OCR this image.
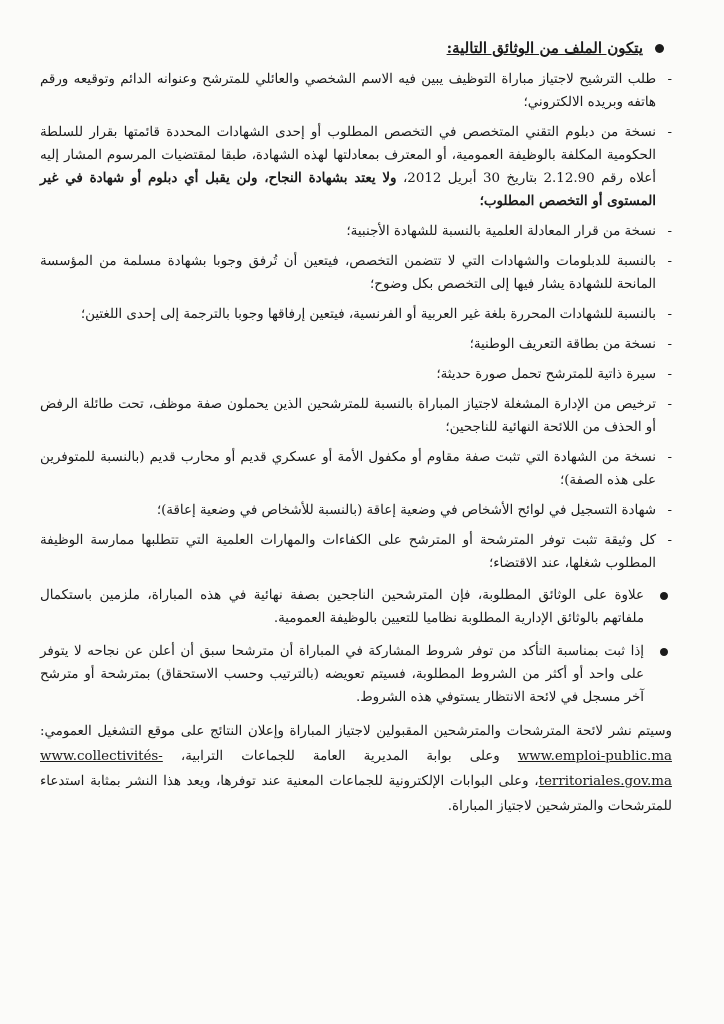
يتكون الملف من الوثائق التالية:
-
طلب الترشيح لاجتياز مباراة التوظيف يبين فيه الاسم الشخصي والعائلي للمترشح وعنوانه الدائم وتوقيعه ورقم هاتفه وبريده الالكتروني؛
-
نسخة من دبلوم التقني المتخصص في التخصص المطلوب أو إحدى الشهادات المحددة قائمتها بقرار للسلطة الحكومية المكلفة بالوظيفة العمومية، أو المعترف بمعادلتها لهذه الشهادة، طبقا لمقتضيات المرسوم المشار إليه أعلاه رقم 2.12.90 بتاريخ 30 أبريل 2012، ولا يعتد بشهادة النجاح، ولن يقبل أي دبلوم أو شهادة في غير المستوى أو التخصص المطلوب؛
-
نسخة من قرار المعادلة العلمية بالنسبة للشهادة الأجنبية؛
-
بالنسبة للدبلومات والشهادات التي لا تتضمن التخصص، فيتعين أن تُرفق وجوبا بشهادة مسلمة من المؤسسة المانحة للشهادة يشار فيها إلى التخصص بكل وضوح؛
-
بالنسبة للشهادات المحررة بلغة غير العربية أو الفرنسية، فيتعين إرفاقها وجوبا بالترجمة إلى إحدى اللغتين؛
-
نسخة من بطاقة التعريف الوطنية؛
-
سيرة ذاتية للمترشح تحمل صورة حديثة؛
-
ترخيص من الإدارة المشغلة لاجتياز المباراة بالنسبة للمترشحين الذين يحملون صفة موظف، تحت طائلة الرفض أو الحذف من اللائحة النهائية للناجحين؛
-
نسخة من الشهادة التي تثبت صفة مقاوم أو مكفول الأمة أو عسكري قديم أو محارب قديم (بالنسبة للمتوفرين على هذه الصفة)؛
-
شهادة التسجيل في لوائح الأشخاص في وضعية إعاقة (بالنسبة للأشخاص في وضعية إعاقة)؛
-
كل وثيقة تثبت توفر المترشحة أو المترشح على الكفاءات والمهارات العلمية التي تتطلبها ممارسة الوظيفة المطلوب شغلها، عند الاقتضاء؛
علاوة على الوثائق المطلوبة، فإن المترشحين الناجحين بصفة نهائية في هذه المباراة، ملزمين باستكمال ملفاتهم بالوثائق الإدارية المطلوبة نظاميا للتعيين بالوظيفة العمومية.
إذا ثبت بمناسبة التأكد من توفر شروط المشاركة في المباراة أن مترشحا سبق أن أعلن عن نجاحه لا يتوفر على واحد أو أكثر من الشروط المطلوبة، فسيتم تعويضه (بالترتيب وحسب الاستحقاق) بمترشحة أو مترشح آخر مسجل في لائحة الانتظار يستوفي هذه الشروط.
وسيتم نشر لائحة المترشحات والمترشحين المقبولين لاجتياز المباراة وإعلان النتائج على موقع التشغيل العمومي: www.emploi-public.ma وعلى بوابة المديرية العامة للجماعات الترابية، www.collectivités-territoriales.gov.ma، وعلى البوابات الإلكترونية للجماعات المعنية عند توفرها، ويعد هذا النشر بمثابة استدعاء للمترشحات والمترشحين لاجتياز المباراة.
